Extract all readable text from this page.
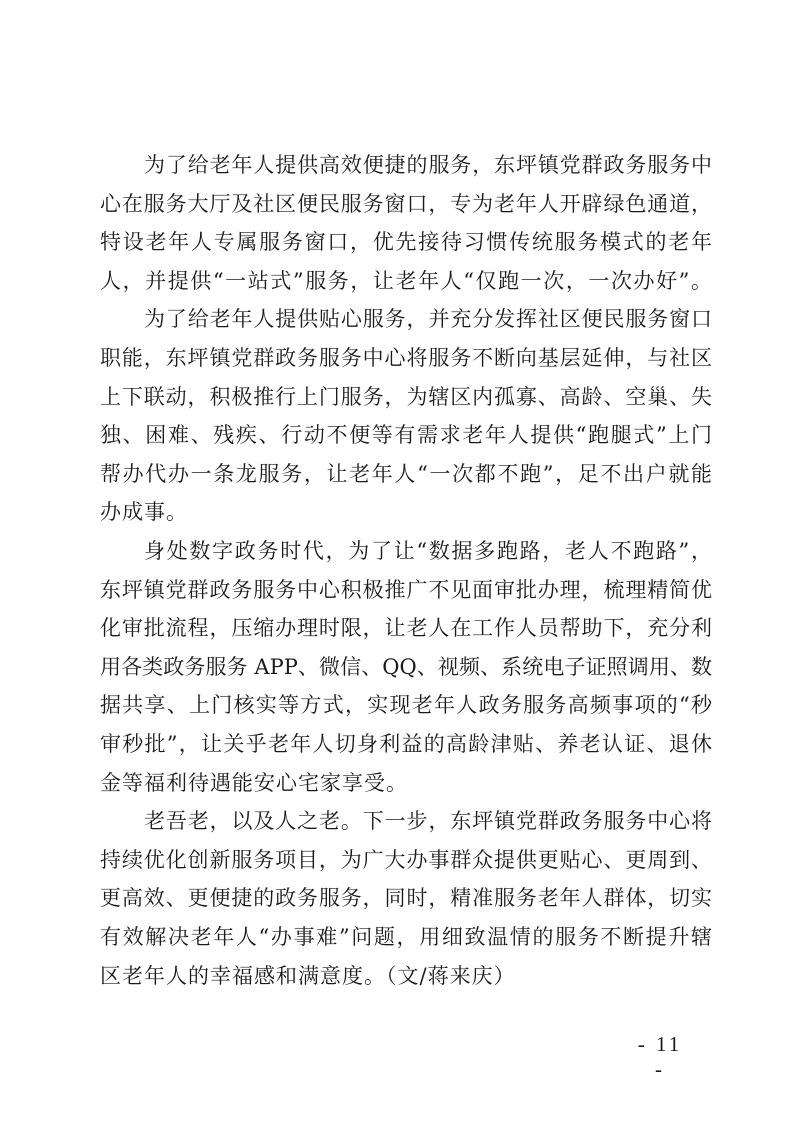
为了给老年人提供高效便捷的服务，东坪镇党群政务服务中
心在服务大厅及社区便民服务窗口，专为老年人开辟绿色通道，
特设老年人专属服务窗口，优先接待习惯传统服务模式的老年
人，并提供“一站式”服务，让老年人“仅跑一次，一次办好”。
为了给老年人提供贴心服务，并充分发挥社区便民服务窗口
职能，东坪镇党群政务服务中心将服务不断向基层延伸，与社区
上下联动，积极推行上门服务，为辖区内孤寡、高龄、空巢、失
独、困难、残疾、行动不便等有需求老年人提供“跑腿式”上门
帮办代办一条龙服务，让老年人“一次都不跑”，足不出户就能
办成事。
身处数字政务时代，为了让“数据多跑路，老人不跑路”，
东坪镇党群政务服务中心积极推广不见面审批办理，梳理精简优
化审批流程，压缩办理时限，让老人在工作人员帮助下，充分利
用各类政务服务 APP、微信、QQ、视频、系统电子证照调用、数
据共享、上门核实等方式，实现老年人政务服务高频事项的“秒
审秒批”，让关乎老年人切身利益的高龄津贴、养老认证、退休
金等福利待遇能安心宅家享受。
老吾老，以及人之老。下一步，东坪镇党群政务服务中心将
持续优化创新服务项目，为广大办事群众提供更贴心、更周到、
更高效、更便捷的政务服务，同时，精准服务老年人群体，切实
有效解决老年人“办事难”问题，用细致温情的服务不断提升辖
区老年人的幸福感和满意度。（文/蒋来庆）
- 11 -
